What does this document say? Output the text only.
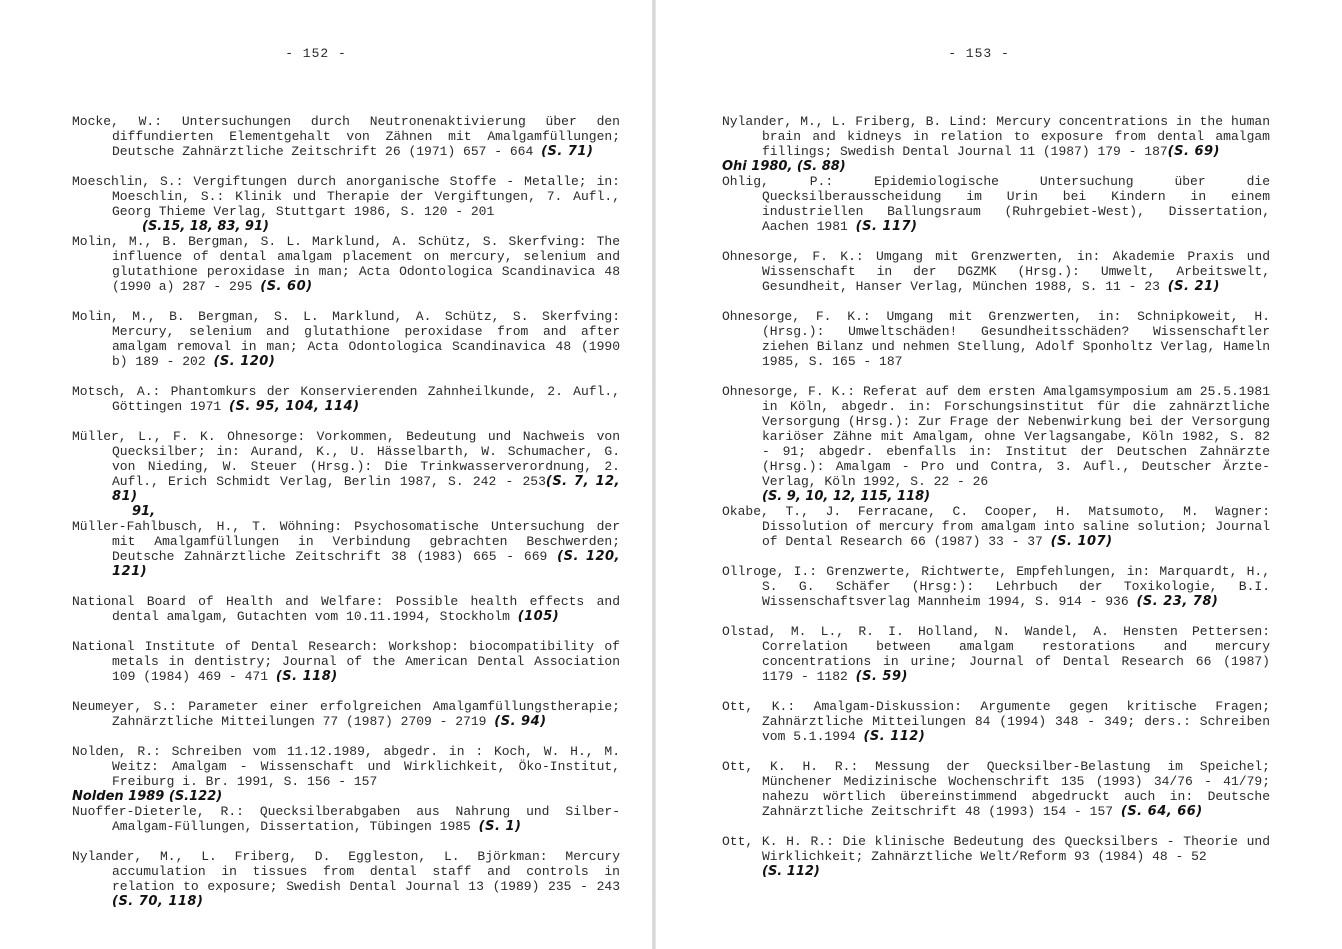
- 152 -

Mocke, W.: Untersuchungen durch Neutronenaktivierung über den diffundierten Elementgehalt von Zähnen mit Amalgamfüllungen; Deutsche Zahnärztliche Zeitschrift 26 (1971) 657 - 664 (S. 71)

Moeschlin, S.: Vergiftungen durch anorganische Stoffe - Metalle; in: Moeschlin, S.: Klinik und Therapie der Vergiftungen, 7. Aufl., Georg Thieme Verlag, Stuttgart 1986, S. 120 - 201

(S.15, 18, 83, 91)

Molin, M., B. Bergman, S. L. Marklund, A. Schütz, S. Skerfving: The influence of dental amalgam placement on mercury, selenium and glutathione peroxidase in man; Acta Odontologica Scandinavica 48 (1990 a) 287 - 295 (S. 60)

Molin, M., B. Bergman, S. L. Marklund, A. Schütz, S. Skerfving: Mercury, selenium and glutathione peroxidase from and after amalgam removal in man; Acta Odontologica Scandinavica 48 (1990 b) 189 - 202 (S. 120)

Motsch, A.: Phantomkurs der Konservierenden Zahnheilkunde, 2. Aufl., Göttingen 1971 (S. 95, 104, 114)

Müller, L., F. K. Ohnesorge: Vorkommen, Bedeutung und Nachweis von Quecksilber; in: Aurand, K., U. Hässelbarth, W. Schumacher, G. von Nieding, W. Steuer (Hrsg.): Die Trinkwasserverordnung, 2. Aufl., Erich Schmidt Verlag, Berlin 1987, S. 242 - 253(S. 7, 12, 81)

91,

Müller-Fahlbusch, H., T. Wöhning: Psychosomatische Untersuchung der mit Amalgamfüllungen in Verbindung gebrachten Beschwerden; Deutsche Zahnärztliche Zeitschrift 38 (1983) 665 - 669 (S. 120, 121)

National Board of Health and Welfare: Possible health effects and dental amalgam, Gutachten vom 10.11.1994, Stockholm (105)

National Institute of Dental Research: Workshop: biocompatibility of metals in dentistry; Journal of the American Dental Association 109 (1984) 469 - 471 (S. 118)

Neumeyer, S.: Parameter einer erfolgreichen Amalgamfüllungstherapie; Zahnärztliche Mitteilungen 77 (1987) 2709 - 2719 (S. 94)

Nolden, R.: Schreiben vom 11.12.1989, abgedr. in : Koch, W. H., M. Weitz: Amalgam - Wissenschaft und Wirklichkeit, Öko-Institut, Freiburg i. Br. 1991, S. 156 - 157

Nolden 1989 (S.122)

Nuoffer-Dieterle, R.: Quecksilberabgaben aus Nahrung und Silber-Amalgam-Füllungen, Dissertation, Tübingen 1985 (S. 1)

Nylander, M., L. Friberg, D. Eggleston, L. Björkman: Mercury accumulation in tissues from dental staff and controls in relation to exposure; Swedish Dental Journal 13 (1989) 235 - 243 (S. 70, 118)

- 153 -

Nylander, M., L. Friberg, B. Lind: Mercury concentrations in the human brain and kidneys in relation to exposure from dental amalgam fillings; Swedish Dental Journal 11 (1987) 179 - 187(S. 69)

Ohi 1980, (S. 88)

Ohlig, P.: Epidemiologische Untersuchung über die Quecksilberausscheidung im Urin bei Kindern in einem industriellen Ballungsraum (Ruhrgebiet-West), Dissertation, Aachen 1981 (S. 117)

Ohnesorge, F. K.: Umgang mit Grenzwerten, in: Akademie Praxis und Wissenschaft in der DGZMK (Hrsg.): Umwelt, Arbeitswelt, Gesundheit, Hanser Verlag, München 1988, S. 11 - 23 (S. 21)

Ohnesorge, F. K.: Umgang mit Grenzwerten, in: Schnipkoweit, H. (Hrsg.): Umweltschäden! Gesundheitsschäden? Wissenschaftler ziehen Bilanz und nehmen Stellung, Adolf Sponholtz Verlag, Hameln 1985, S. 165 - 187

Ohnesorge, F. K.: Referat auf dem ersten Amalgamsymposium am 25.5.1981 in Köln, abgedr. in: Forschungsinstitut für die zahnärztliche Versorgung (Hrsg.): Zur Frage der Nebenwirkung bei der Versorgung kariöser Zähne mit Amalgam, ohne Verlagsangabe, Köln 1982, S. 82 - 91; abgedr. ebenfalls in: Institut der Deutschen Zahnärzte (Hrsg.): Amalgam - Pro und Contra, 3. Aufl., Deutscher Ärzte-Verlag, Köln 1992, S. 22 - 26

(S. 9, 10, 12, 115, 118)

Okabe, T., J. Ferracane, C. Cooper, H. Matsumoto, M. Wagner: Dissolution of mercury from amalgam into saline solution; Journal of Dental Research 66 (1987) 33 - 37 (S. 107)

Ollroge, I.: Grenzwerte, Richtwerte, Empfehlungen, in: Marquardt, H., S. G. Schäfer (Hrsg:): Lehrbuch der Toxikologie, B.I. Wissenschaftsverlag Mannheim 1994, S. 914 - 936 (S. 23, 78)

Olstad, M. L., R. I. Holland, N. Wandel, A. Hensten Pettersen: Correlation between amalgam restorations and mercury concentrations in urine; Journal of Dental Research 66 (1987) 1179 - 1182 (S. 59)

Ott, K.: Amalgam-Diskussion: Argumente gegen kritische Fragen; Zahnärztliche Mitteilungen 84 (1994) 348 - 349; ders.: Schreiben vom 5.1.1994 (S. 112)

Ott, K. H. R.: Messung der Quecksilber-Belastung im Speichel; Münchener Medizinische Wochenschrift 135 (1993) 34/76 - 41/79; nahezu wörtlich übereinstimmend abgedruckt auch in: Deutsche Zahnärztliche Zeitschrift 48 (1993) 154 - 157 (S. 64, 66)

Ott, K. H. R.: Die klinische Bedeutung des Quecksilbers - Theorie und Wirklichkeit; Zahnärztliche Welt/Reform 93 (1984) 48 - 52

(S. 112)
